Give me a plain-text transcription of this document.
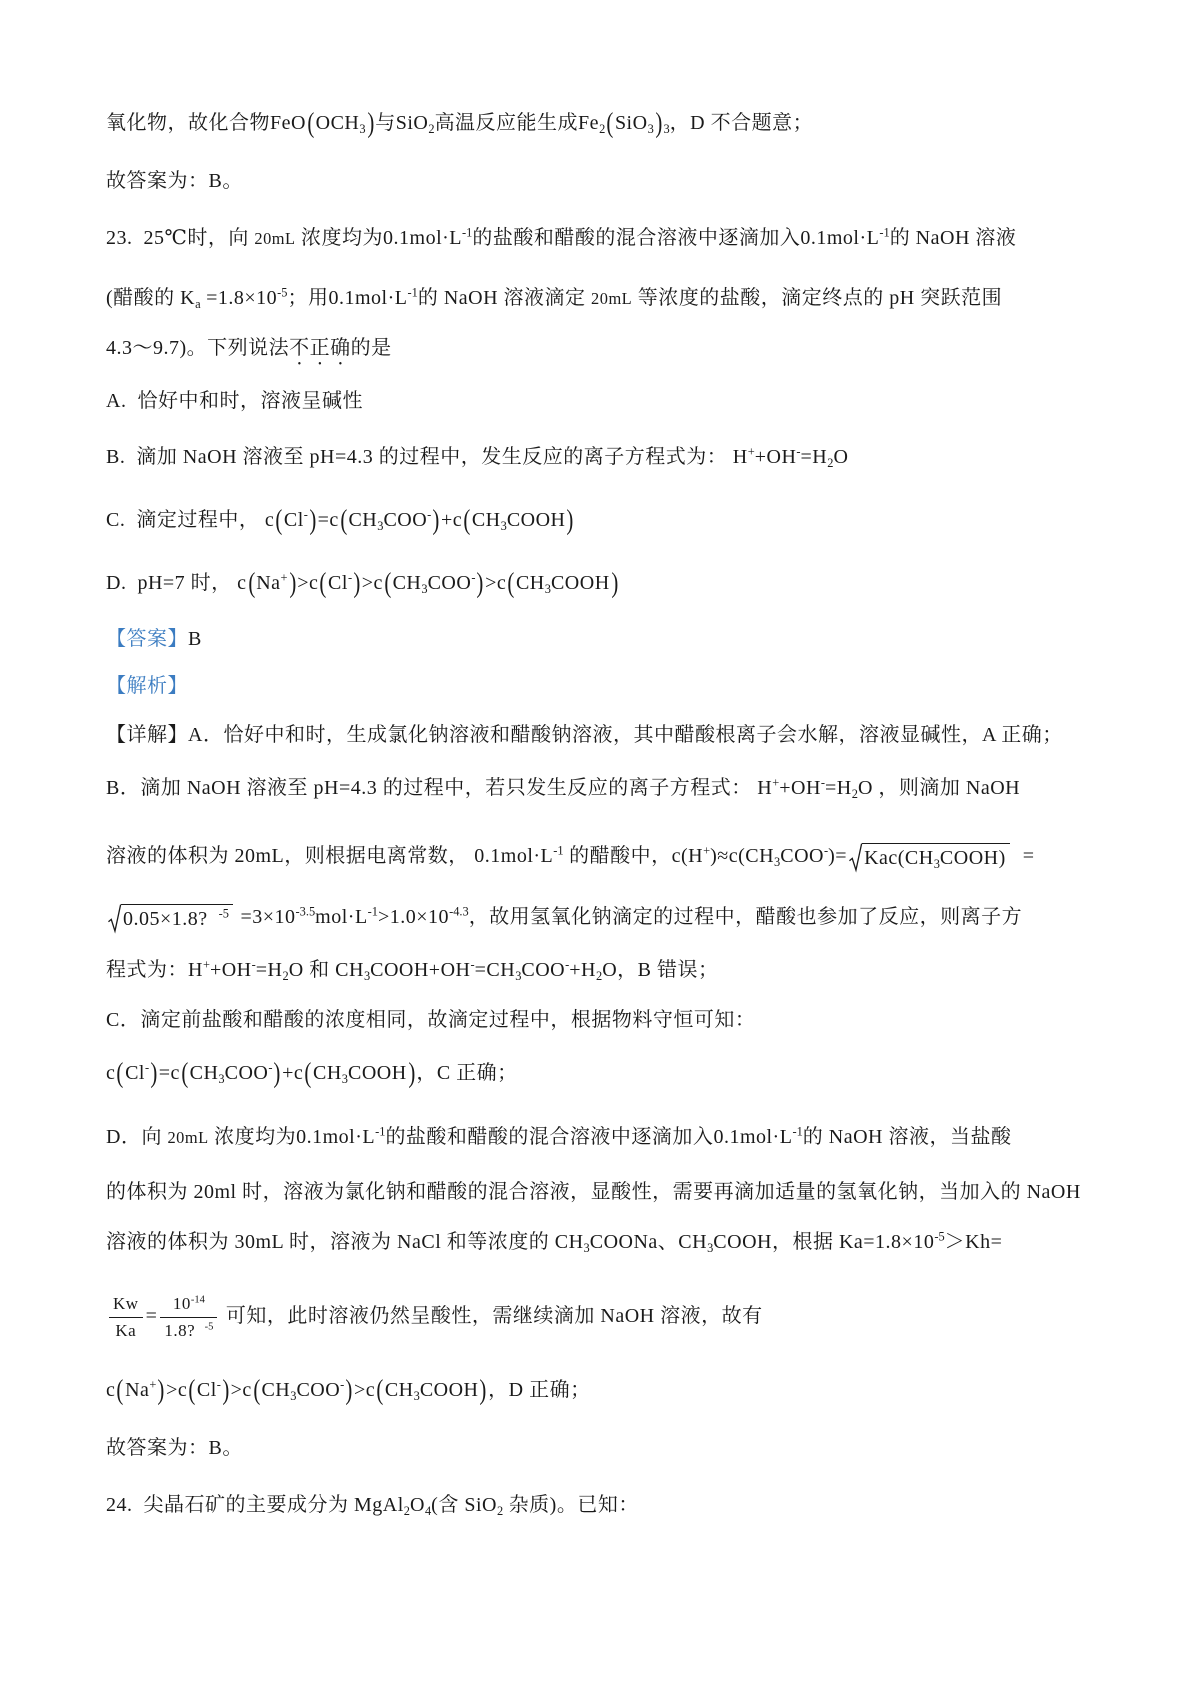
氧化物，故化合物FeO(OCH3)与SiO2高温反应能生成Fe2(SiO3)3，D 不合题意；
故答案为：B。
23.  25℃时，向 20mL 浓度均为$0.1mol\cdot L^{-1}$的盐酸和醋酸的混合溶液中逐滴加入$0.1mol\cdot L^{-1}$的 NaOH 溶液
(醋酸的 $Ka =1.8\times 10^{-5}$；用$0.1mol\cdot L^{-1}$的 NaOH 溶液滴定 20mL 等浓度的盐酸，滴定终点的 pH 突跃范围
4.3～9.7)。下列说法不正确的是
A.  恰好中和时，溶液呈碱性
B.  滴加 NaOH 溶液至 pH=4.3 的过程中，发生反应的离子方程式为： H++OH-=H2O
C.  滴定过程中， c(Cl-)=c(CH3COO-)+c(CH3COOH)
D.  pH=7 时， c(Na+)>c(Cl-)>c(CH3COO-)>c(CH3COOH)
【答案】B
【解析】
【详解】A．恰好中和时，生成氯化钠溶液和醋酸钠溶液，其中醋酸根离子会水解，溶液显碱性，A 正确；
B．滴加 NaOH 溶液至 pH=4.3 的过程中，若只发生反应的离子方程式： H++OH-=H2O ，则滴加 NaOH
溶液的体积为 20mL，则根据电离常数， $0.1mol\cdot L^{-1}$ 的醋酸中，c(H+)≈c(CH3COO-)= Kac(CH3COOH)  =
0.05×1.8?  $^{-5} =3\times 10^{-3.5}mol\cdot L^{-1}>1.0\times 10^{-4.3}$，故用氢氧化钠滴定的过程中，醋酸也参加了反应，则离子方
程式为：H++OH-=H2O 和 CH3COOH+OH-=CH3COO-+H2O，B 错误；
C．滴定前盐酸和醋酸的浓度相同，故滴定过程中，根据物料守恒可知：
c(Cl-)=c(CH3COO-)+c(CH3COOH)，C 正确；
D．向 20mL 浓度均为$0.1mol\cdot L^{-1}$的盐酸和醋酸的混合溶液中逐滴加入$0.1mol\cdot L^{-1}$的 NaOH 溶液，当盐酸
的体积为 20ml 时，溶液为氯化钠和醋酸的混合溶液，显酸性，需要再滴加适量的氢氧化钠，当加入的 NaOH
溶液的体积为 30mL 时，溶液为 NaCl 和等浓度的 CH3COONa、CH3COOH，根据 $Ka=1.8\times 10^{-5}>Kh=$
$\frac{Kw}{Ka} = \frac{10^{-14}}{1.8? ^{-5}}$ 可知，此时溶液仍然呈酸性，需继续滴加 NaOH 溶液，故有
c(Na+)>c(Cl-)>c(CH3COO-)>c(CH3COOH)，D 正确；
故答案为：B。
24.  尖晶石矿的主要成分为 MgAl2O4(含 SiO2 杂质)。已知：
